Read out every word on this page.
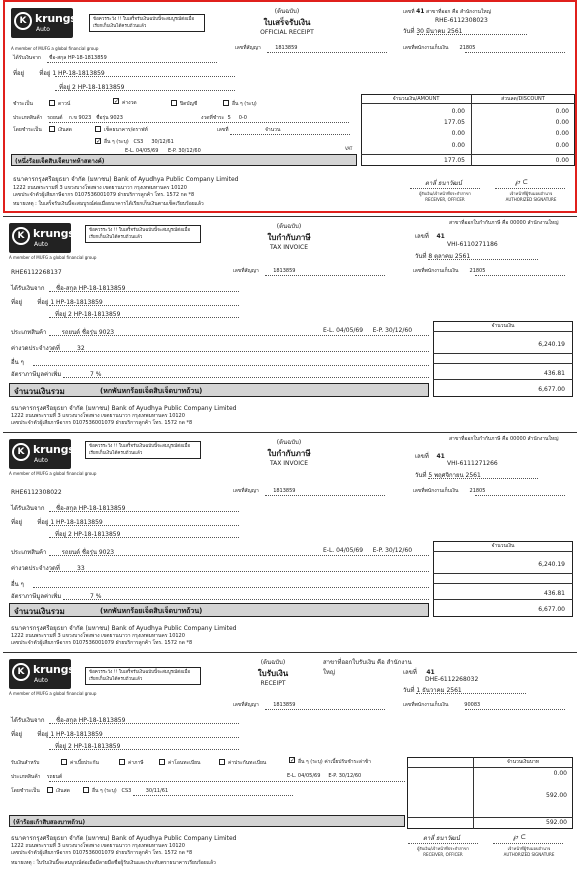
K krungsri
Auto
ข้อควรระวัง !! ใบเสร็จรับเงินฉบับนี้จะสมบูรณ์ต่อเมื่อเรียกเก็บเงินได้ครบถ้วนแล้ว
(ต้นฉบับ)
ใบเสร็จรับเงิน
OFFICIAL RECEIPT
เลขที่ 41 สาขาที่ออก คือ สำนักงานใหญ่
RHE-6112308023
วันที่ 30 มีนาคม 2561
A member of MUFG a global financial group
ได้รับเงินจาก ชื่อ-สกุล HP-18-1813859
เลขที่สัญญา	1813859	เลขที่พนักงานเก็บเงิน 21805
ที่อยู่	ที่อยู่ 1 HP-18-1813859
ที่อยู่ 2 HP-18-1813859
ชำระเป็น	ดาวน์	✓ ค่างวด	ปิดบัญชี	อื่น ๆ (ระบุ)
ประเภทสินค้า รถยนต์ ก.ข 9023 ชื่อรุ่น 9023	งวดที่ชำระ 5 0-0
โดยชำระเป็น	เงินสด	เช็คธนาคาร/ดราฟท์	เลขที่	จำนวน
✓ อื่น ๆ (ระบุ) CS3 30/12/61
E-L. 04/05/69 E-P. 30/12/60
(หนึ่งร้อยเจ็ดสิบเจ็ดบาทห้าสตางค์)
จำนวนเงิน/AMOUNT	ส่วนลด/DISCOUNT
0.00	0.00
177.05	0.00
0.00	0.00
0.00	0.00
VAT
177.05	0.00
ธนาคารกรุงศรีอยุธยา จำกัด (มหาชน) Bank of Ayudhya Public Company Limited
1222 ถนนพระรามที่ 3 แขวงบางโพงพาง เขตยานนาวา กรุงเทพมหานคร 10120
เลขประจำตัวผู้เสียภาษีอากร 0107536001079 ฝ่ายบริการลูกค้า โทร. 1572 กด *8
หมายเหตุ : ใบเสร็จรับเงินนี้จะสมบูรณ์ต่อเมื่อธนาคารได้เรียกเก็บเงินตามเช็คเรียบร้อยแล้ว
ดาลี่ ธนาวัฒน์	℘ ⊂
ผู้รับเงิน/เจ้าหน้าที่ประจำสาขา
RECEIVER, OFFICER
เจ้าหน้าที่ผู้รับมอบอำนาจ
AUTHORIZED SIGNATURE
K krungsri
Auto
ข้อควรระวัง !! ใบเสร็จรับเงินฉบับนี้จะสมบูรณ์ต่อเมื่อเรียกเก็บเงินได้ครบถ้วนแล้ว
(ต้นฉบับ)
ใบกำกับภาษี
TAX INVOICE
สาขาที่ออกใบกำกับภาษี คือ 00000 สำนักงานใหญ่
เลขที่ 41
VHI-6110271186
วันที่ 8 ตุลาคม 2561
A member of MUFG a global financial group
RHE6112268137	เลขที่สัญญา	1813859	เลขที่พนักงานเก็บเงิน 21805
ได้รับเงินจาก ชื่อ-สกุล HP-18-1813859
ที่อยู่	ที่อยู่ 1 HP-18-1813859
ที่อยู่ 2 HP-18-1813859
ประเภทสินค้า	รถยนต์ ชื่อรุ่น 9023	E-L. 04/05/69 E-P. 30/12/60
ค่างวดประจำงวดที่	32
อื่น ๆ
อัตราภาษีมูลค่าเพิ่ม	7 %
จำนวนเงิน
6,240.19
436.81
6,677.00
จำนวนเงินรวม	(หกพันหกร้อยเจ็ดสิบเจ็ดบาทถ้วน)
ธนาคารกรุงศรีอยุธยา จำกัด (มหาชน) Bank of Ayudhya Public Company Limited
1222 ถนนพระรามที่ 3 แขวงบางโพงพาง เขตยานนาวา กรุงเทพมหานคร 10120
เลขประจำตัวผู้เสียภาษีอากร 0107536001079 ฝ่ายบริการลูกค้า โทร. 1572 กด *8
K krungsri
Auto
ข้อควรระวัง !! ใบเสร็จรับเงินฉบับนี้จะสมบูรณ์ต่อเมื่อเรียกเก็บเงินได้ครบถ้วนแล้ว
(ต้นฉบับ)
ใบกำกับภาษี
TAX INVOICE
สาขาที่ออกใบกำกับภาษี คือ 00000 สำนักงานใหญ่
เลขที่ 41
VHI-6111271266
วันที่ 5 พฤศจิกายน 2561
A member of MUFG a global financial group
RHE6112308022	เลขที่สัญญา	1813859	เลขที่พนักงานเก็บเงิน 21805
ได้รับเงินจาก ชื่อ-สกุล HP-18-1813859
ที่อยู่	ที่อยู่ 1 HP-18-1813859
ที่อยู่ 2 HP-18-1813859
ประเภทสินค้า	รถยนต์ ชื่อรุ่น 9023	E-L. 04/05/69 E-P. 30/12/60
ค่างวดประจำงวดที่	33
อื่น ๆ
อัตราภาษีมูลค่าเพิ่ม	7 %
จำนวนเงิน
6,240.19
436.81
6,677.00
จำนวนเงินรวม	(หกพันหกร้อยเจ็ดสิบเจ็ดบาทถ้วน)
ธนาคารกรุงศรีอยุธยา จำกัด (มหาชน) Bank of Ayudhya Public Company Limited
1222 ถนนพระรามที่ 3 แขวงบางโพงพาง เขตยานนาวา กรุงเทพมหานคร 10120
เลขประจำตัวผู้เสียภาษีอากร 0107536001079 ฝ่ายบริการลูกค้า โทร. 1572 กด *8
K krungsri
Auto
ข้อควรระวัง !! ใบเสร็จรับเงินฉบับนี้จะสมบูรณ์ต่อเมื่อเรียกเก็บเงินได้ครบถ้วนแล้ว
(ต้นฉบับ)
ใบรับเงิน
RECEIPT
สาขาที่ออกใบรับเงิน คือ สำนักงานใหญ่	เลขที่ 41
DHE-6112268032
วันที่ 1 ธันวาคม 2561
A member of MUFG a global financial group
เลขที่สัญญา	1813859	เลขที่พนักงานเก็บเงิน	90083
ได้รับเงินจาก ชื่อ-สกุล HP-18-1813859
ที่อยู่	ที่อยู่ 1 HP-18-1813859
ที่อยู่ 2 HP-18-1813859
รับเงินสำหรับ	ค่าเบี้ยประกัน	ค่าภาษี	ค่าโอนทะเบียน	ค่าประกันทะเบียน	✓ อื่น ๆ (ระบุ) ค่าเบี้ยปรับชำระล่าช้า
ประเภทสินค้า รถยนต์	E-L. 04/05/69 E-P. 30/12/60
โดยชำระเป็น	เงินสด	อื่น ๆ (ระบุ) CS3	30/11/61
จำนวนเงินบาท
0.00
592.00
592.00
(ห้าร้อยเก้าสิบสองบาทถ้วน)
ธนาคารกรุงศรีอยุธยา จำกัด (มหาชน) Bank of Ayudhya Public Company Limited
1222 ถนนพระรามที่ 3 แขวงบางโพงพาง เขตยานนาวา กรุงเทพมหานคร 10120
เลขประจำตัวผู้เสียภาษีอากร 0107536001079 ฝ่ายบริการลูกค้า โทร. 1572 กด *8
หมายเหตุ : ใบรับเงินนี้จะสมบูรณ์ต่อเมื่อมีลายมือชื่อผู้รับเงินและประทับตราธนาคารเรียบร้อยแล้ว
ดาลี่ ธนาวัฒน์	℘ ⊂
ผู้รับเงิน/เจ้าหน้าที่ประจำสาขา
RECEIVER, OFFICER
เจ้าหน้าที่ผู้รับมอบอำนาจ
AUTHORIZED SIGNATURE
